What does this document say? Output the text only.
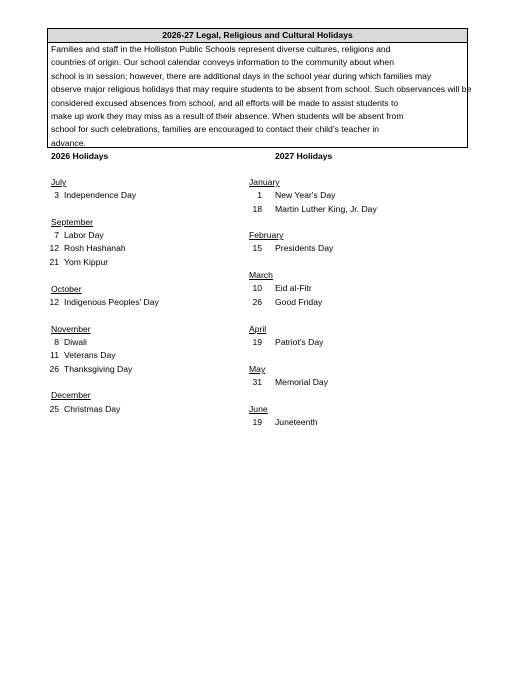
2026-27 Legal, Religious and Cultural Holidays
Families and staff in the Holliston Public Schools represent diverse cultures, religions and
countries of origin. Our school calendar conveys information to the community about when
school is in session; however, there are additional days in the school year during which families may
observe major religious holidays that may require students to be absent from school. Such observances will be
considered excused absences from school, and all efforts will be made to assist students to
make up work they may miss as a result of their absence. When students will be absent from
school for such celebrations, families are encouraged to contact their child’s teacher in
advance.
2026 Holidays	2027 Holidays
July
3 Independence Day
September
7 Labor Day
12 Rosh Hashanah
21 Yom Kippur
October
12 Indigenous Peoples' Day
November
8 Diwali
11 Veterans Day
26 Thanksgiving Day
December
25 Christmas Day
January
1 New Year's Day
18 Martin Luther King, Jr. Day
February
15 Presidents Day
March
10 Eid al-Fitr
26 Good Friday
April
19 Patriot's Day
May
31 Memorial Day
June
19 Juneteenth
